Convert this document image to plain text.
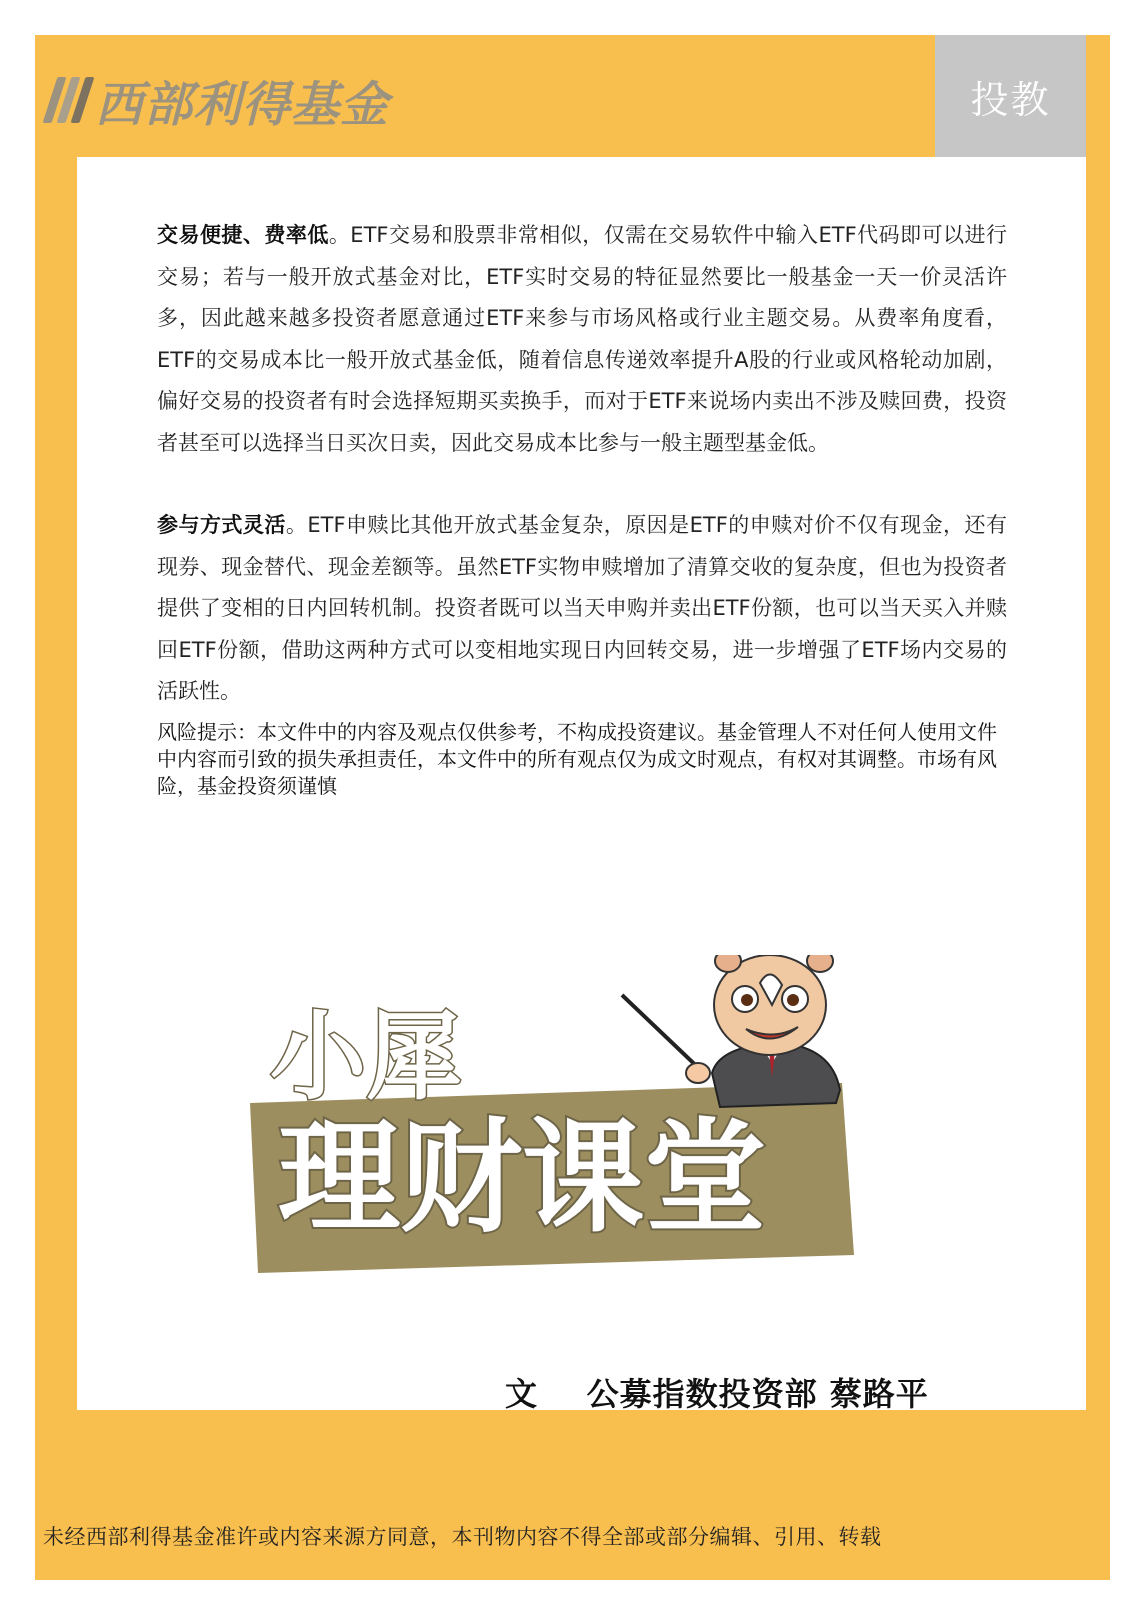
西部利得基金	投教

交易便捷、费率低。ETF交易和股票非常相似，仅需在交易软件中输入ETF代码即可以进行交易；若与一般开放式基金对比，ETF实时交易的特征显然要比一般基金一天一价灵活许多，因此越来越多投资者愿意通过ETF来参与市场风格或行业主题交易。从费率角度看，ETF的交易成本比一般开放式基金低，随着信息传递效率提升A股的行业或风格轮动加剧，偏好交易的投资者有时会选择短期买卖换手，而对于ETF来说场内卖出不涉及赎回费，投资者甚至可以选择当日买次日卖，因此交易成本比参与一般主题型基金低。

参与方式灵活。ETF申赎比其他开放式基金复杂，原因是ETF的申赎对价不仅有现金，还有现券、现金替代、现金差额等。虽然ETF实物申赎增加了清算交收的复杂度，但也为投资者提供了变相的日内回转机制。投资者既可以当天申购并卖出ETF份额，也可以当天买入并赎回ETF份额，借助这两种方式可以变相地实现日内回转交易，进一步增强了ETF场内交易的活跃性。

风险提示：本文件中的内容及观点仅供参考，不构成投资建议。基金管理人不对任何人使用文件中内容而引致的损失承担责任，本文件中的所有观点仅为成文时观点，有权对其调整。市场有风险，基金投资须谨慎
小犀
理财课堂
文    公募指数投资部 蔡路平
未经西部利得基金准许或内容来源方同意，本刊物内容不得全部或部分编辑、引用、转载
